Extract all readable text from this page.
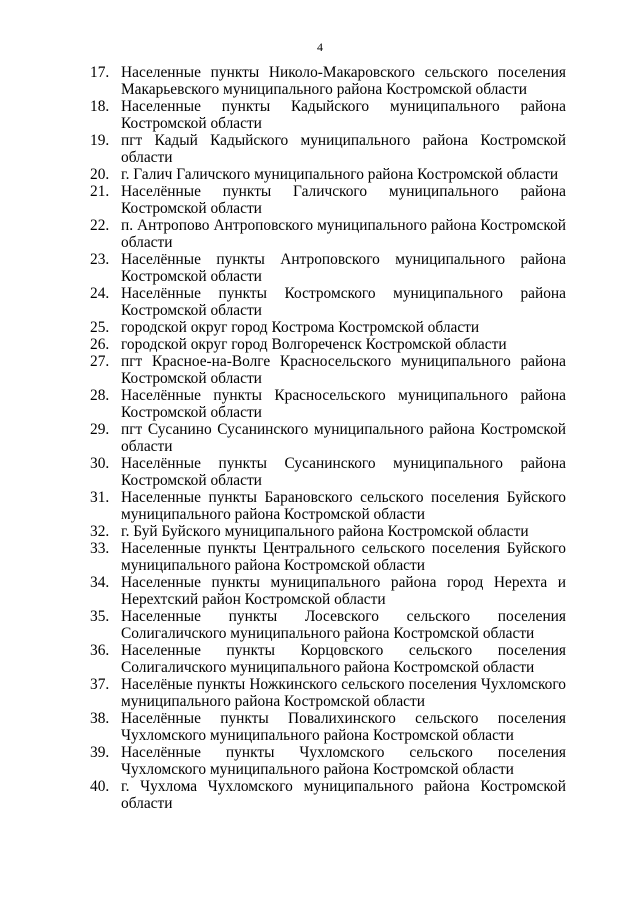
4
17. Населенные пункты Николо-Макаровского сельского поселения Макарьевского муниципального района Костромской области
18. Населенные пункты Кадыйского муниципального района Костромской области
19. пгт Кадый Кадыйского муниципального района Костромской области
20. г. Галич Галичского муниципального района Костромской области
21. Населённые пункты Галичского муниципального района Костромской области
22. п. Антропово Антроповского муниципального района Костромской области
23. Населённые пункты Антроповского муниципального района Костромской области
24. Населённые пункты Костромского муниципального района Костромской области
25. городской округ город Кострома Костромской области
26. городской округ город Волгореченск Костромской области
27. пгт Красное-на-Волге Красносельского муниципального района Костромской области
28. Населённые пункты Красносельского муниципального района Костромской области
29. пгт Сусанино Сусанинского муниципального района Костромской области
30. Населённые пункты Сусанинского муниципального района Костромской области
31. Населенные пункты Барановского сельского поселения Буйского муниципального района Костромской области
32. г. Буй Буйского муниципального района Костромской области
33. Населенные пункты Центрального сельского поселения Буйского муниципального района Костромской области
34. Населенные пункты муниципального района город Нерехта и Нерехтский район Костромской области
35. Населенные пункты Лосевского сельского поселения Солигаличского муниципального района Костромской области
36. Населенные пункты Корцовского сельского поселения Солигаличского муниципального района Костромской области
37. Населёные пункты Ножкинского сельского поселения Чухломского муниципального района Костромской области
38. Населённые пункты Повалихинского сельского поселения Чухломского муниципального района Костромской области
39. Населённые пункты Чухломского сельского поселения Чухломского муниципального района Костромской области
40. г. Чухлома Чухломского муниципального района Костромской области
